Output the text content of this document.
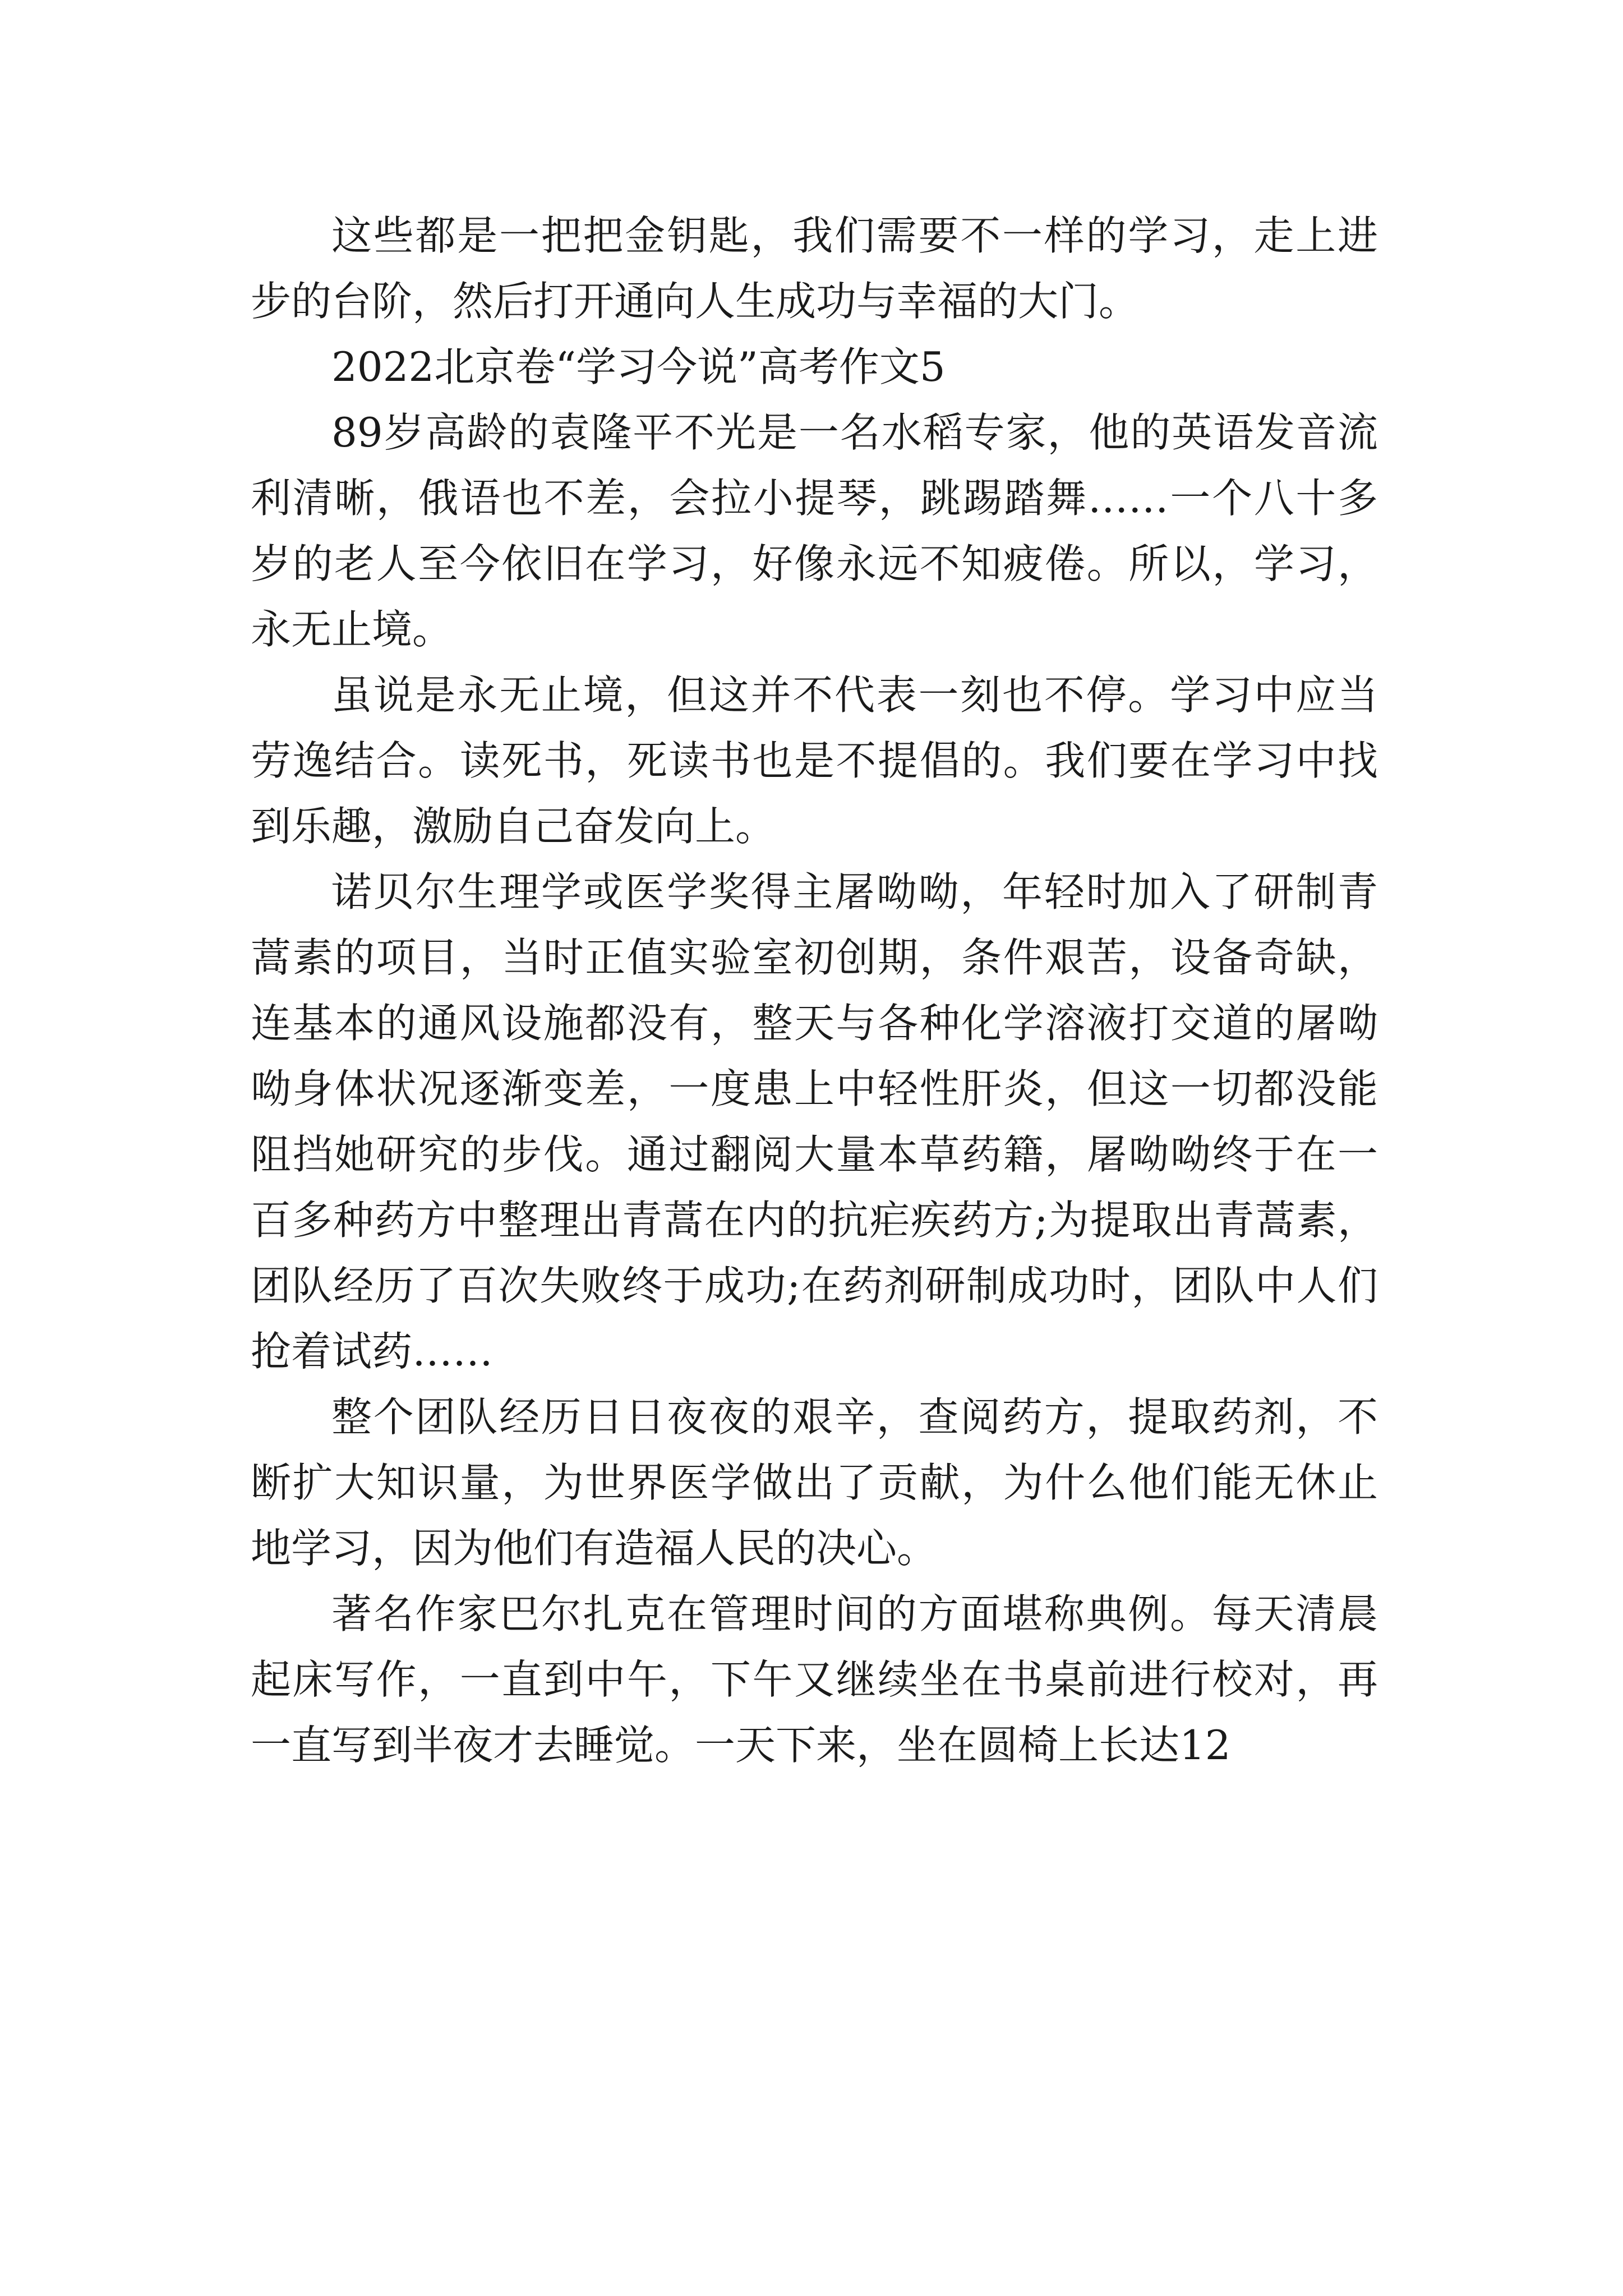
这些都是一把把金钥匙，我们需要不一样的学习，走上进步的台阶，然后打开通向人生成功与幸福的大门。

2022北京卷“学习今说”高考作文5

89岁高龄的袁隆平不光是一名水稻专家，他的英语发音流利清晰，俄语也不差，会拉小提琴，跳踢踏舞……一个八十多岁的老人至今依旧在学习，好像永远不知疲倦。所以，学习，永无止境。

虽说是永无止境，但这并不代表一刻也不停。学习中应当劳逸结合。读死书，死读书也是不提倡的。我们要在学习中找到乐趣，激励自己奋发向上。

诺贝尔生理学或医学奖得主屠呦呦，年轻时加入了研制青蒿素的项目，当时正值实验室初创期，条件艰苦，设备奇缺，连基本的通风设施都没有，整天与各种化学溶液打交道的屠呦呦身体状况逐渐变差，一度患上中轻性肝炎，但这一切都没能阻挡她研究的步伐。通过翻阅大量本草药籍，屠呦呦终于在一百多种药方中整理出青蒿在内的抗疟疾药方;为提取出青蒿素，团队经历了百次失败终于成功;在药剂研制成功时，团队中人们抢着试药……

整个团队经历日日夜夜的艰辛，查阅药方，提取药剂，不断扩大知识量，为世界医学做出了贡献，为什么他们能无休止地学习，因为他们有造福人民的决心。

著名作家巴尔扎克在管理时间的方面堪称典例。每天清晨起床写作，一直到中午，下午又继续坐在书桌前进行校对，再一直写到半夜才去睡觉。一天下来，坐在圆椅上长达12
